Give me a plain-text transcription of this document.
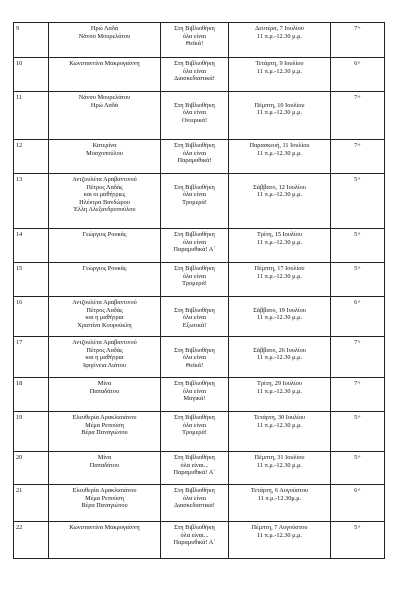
9	Ηρώ Λαδά
Νάνσυ Μουρελάτου	Στη Βιβλιοθήκη
όλα είναι
Θεϊκά!	Δευτέρα, 7 Ιουλίου
11 π.μ.-12.30 μ.μ.	7+

10	Κωνσταντίνα Μακρυγιάννη	Στη Βιβλιοθήκη
όλα είναι
Διασκεδαστικά!	Τετάρτη, 9 Ιουλίου
11 π.μ.-12.30 μ.μ.	6+

11	Νάνσυ Μουρελάτου
Ηρώ Λαδά	Στη Βιβλιοθήκη
όλα είναι
Ονειρικά!	Πέμπτη, 10 Ιουλίου
11 π.μ.-12.30 μ.μ.	7+

12	Κατερίνα
Μοσχοπούλου	Στη Βιβλιοθήκη
όλα είναι
Παραμυθικά!	Παρασκευή, 11 Ιουλίου
11 π.μ.-12.30 μ.μ.	7+

13	Αντζουλέτα Αραβαντινού
Πέτρος Λαδάς
και οι μαθήτριες
Ηλέκτρα Βανδώρου
Έλλη Αλεξανδροπούλου	Στη Βιβλιοθήκη
όλα είναι
Τρομερά!	Σάββατο, 12 Ιουλίου
11 π.μ.-12.30 μ.μ.	5+

14	Γεώργιος Ρουκάς	Στη Βιβλιοθήκη
όλα είναι
Παραμυθικά! Α΄	Τρίτη, 15 Ιουλίου
11 π.μ.-12.30 μ.μ.	5+

15	Γεώργιος Ρουκάς	Στη Βιβλιοθήκη
όλα είναι
Τρομερά!	Πέμπτη, 17 Ιουλίου
11 π.μ.-12.30 μ.μ.	5+

16	Αντζουλέτα Αραβαντινού
Πέτρος Λαδάς
και η μαθήτρια
Χριστίνα Κουρούκλη	Στη Βιβλιοθήκη
όλα είναι
Εξωτικά!	Σάββατο, 19 Ιουλίου
11 π.μ.-12.30 μ.μ.	6+

17	Αντζουλέτα Αραβαντινού
Πέτρος Λαδάς
και η μαθήτρια
Ιφιγένεια Λιάτου	Στη Βιβλιοθήκη
όλα είναι
Θεϊκά!	Σάββατο, 26 Ιουλίου
11 π.μ.-12.30 μ.μ.	7+

18	Μίνα
Παπαδάτου	Στη Βιβλιοθήκη
όλα είναι
Μαγικά!	Τρίτη, 29 Ιουλίου
11 π.μ.-12.30 μ.μ.	7+

19	Ελευθερία Αρακλισιάνου
Μέμα Ρεπούση
Βέρα Παναγιώτου	Στη Βιβλιοθήκη
όλα είναι
Τρομερά!	Τετάρτη, 30 Ιουλίου
11 π.μ.-12.30 μ.μ.	5+

20	Μίνα
Παπαδάτου	Στη Βιβλιοθήκη
όλα είναι...
Παραμυθικά! Α΄	Πέμπτη, 31 Ιουλίου
11 π.μ.-12.30 μ.μ.	5+

21	Ελευθερία Αρακλισιάνου
Μέμα Ρεπούση
Βέρα Παναγιώτου	Στη Βιβλιοθήκη
όλα είναι
Διασκεδαστικά!	Τετάρτη, 6 Αυγούστου
11 π.μ.-12.30μ.μ.	6+

22	Κωνσταντίνα Μακρυγιάννη	Στη Βιβλιοθήκη
όλα είναι...
Παραμυθικά! Α΄	Πέμπτη, 7 Αυγούστου
11 π.μ.-12.30 μ.μ.	5+
